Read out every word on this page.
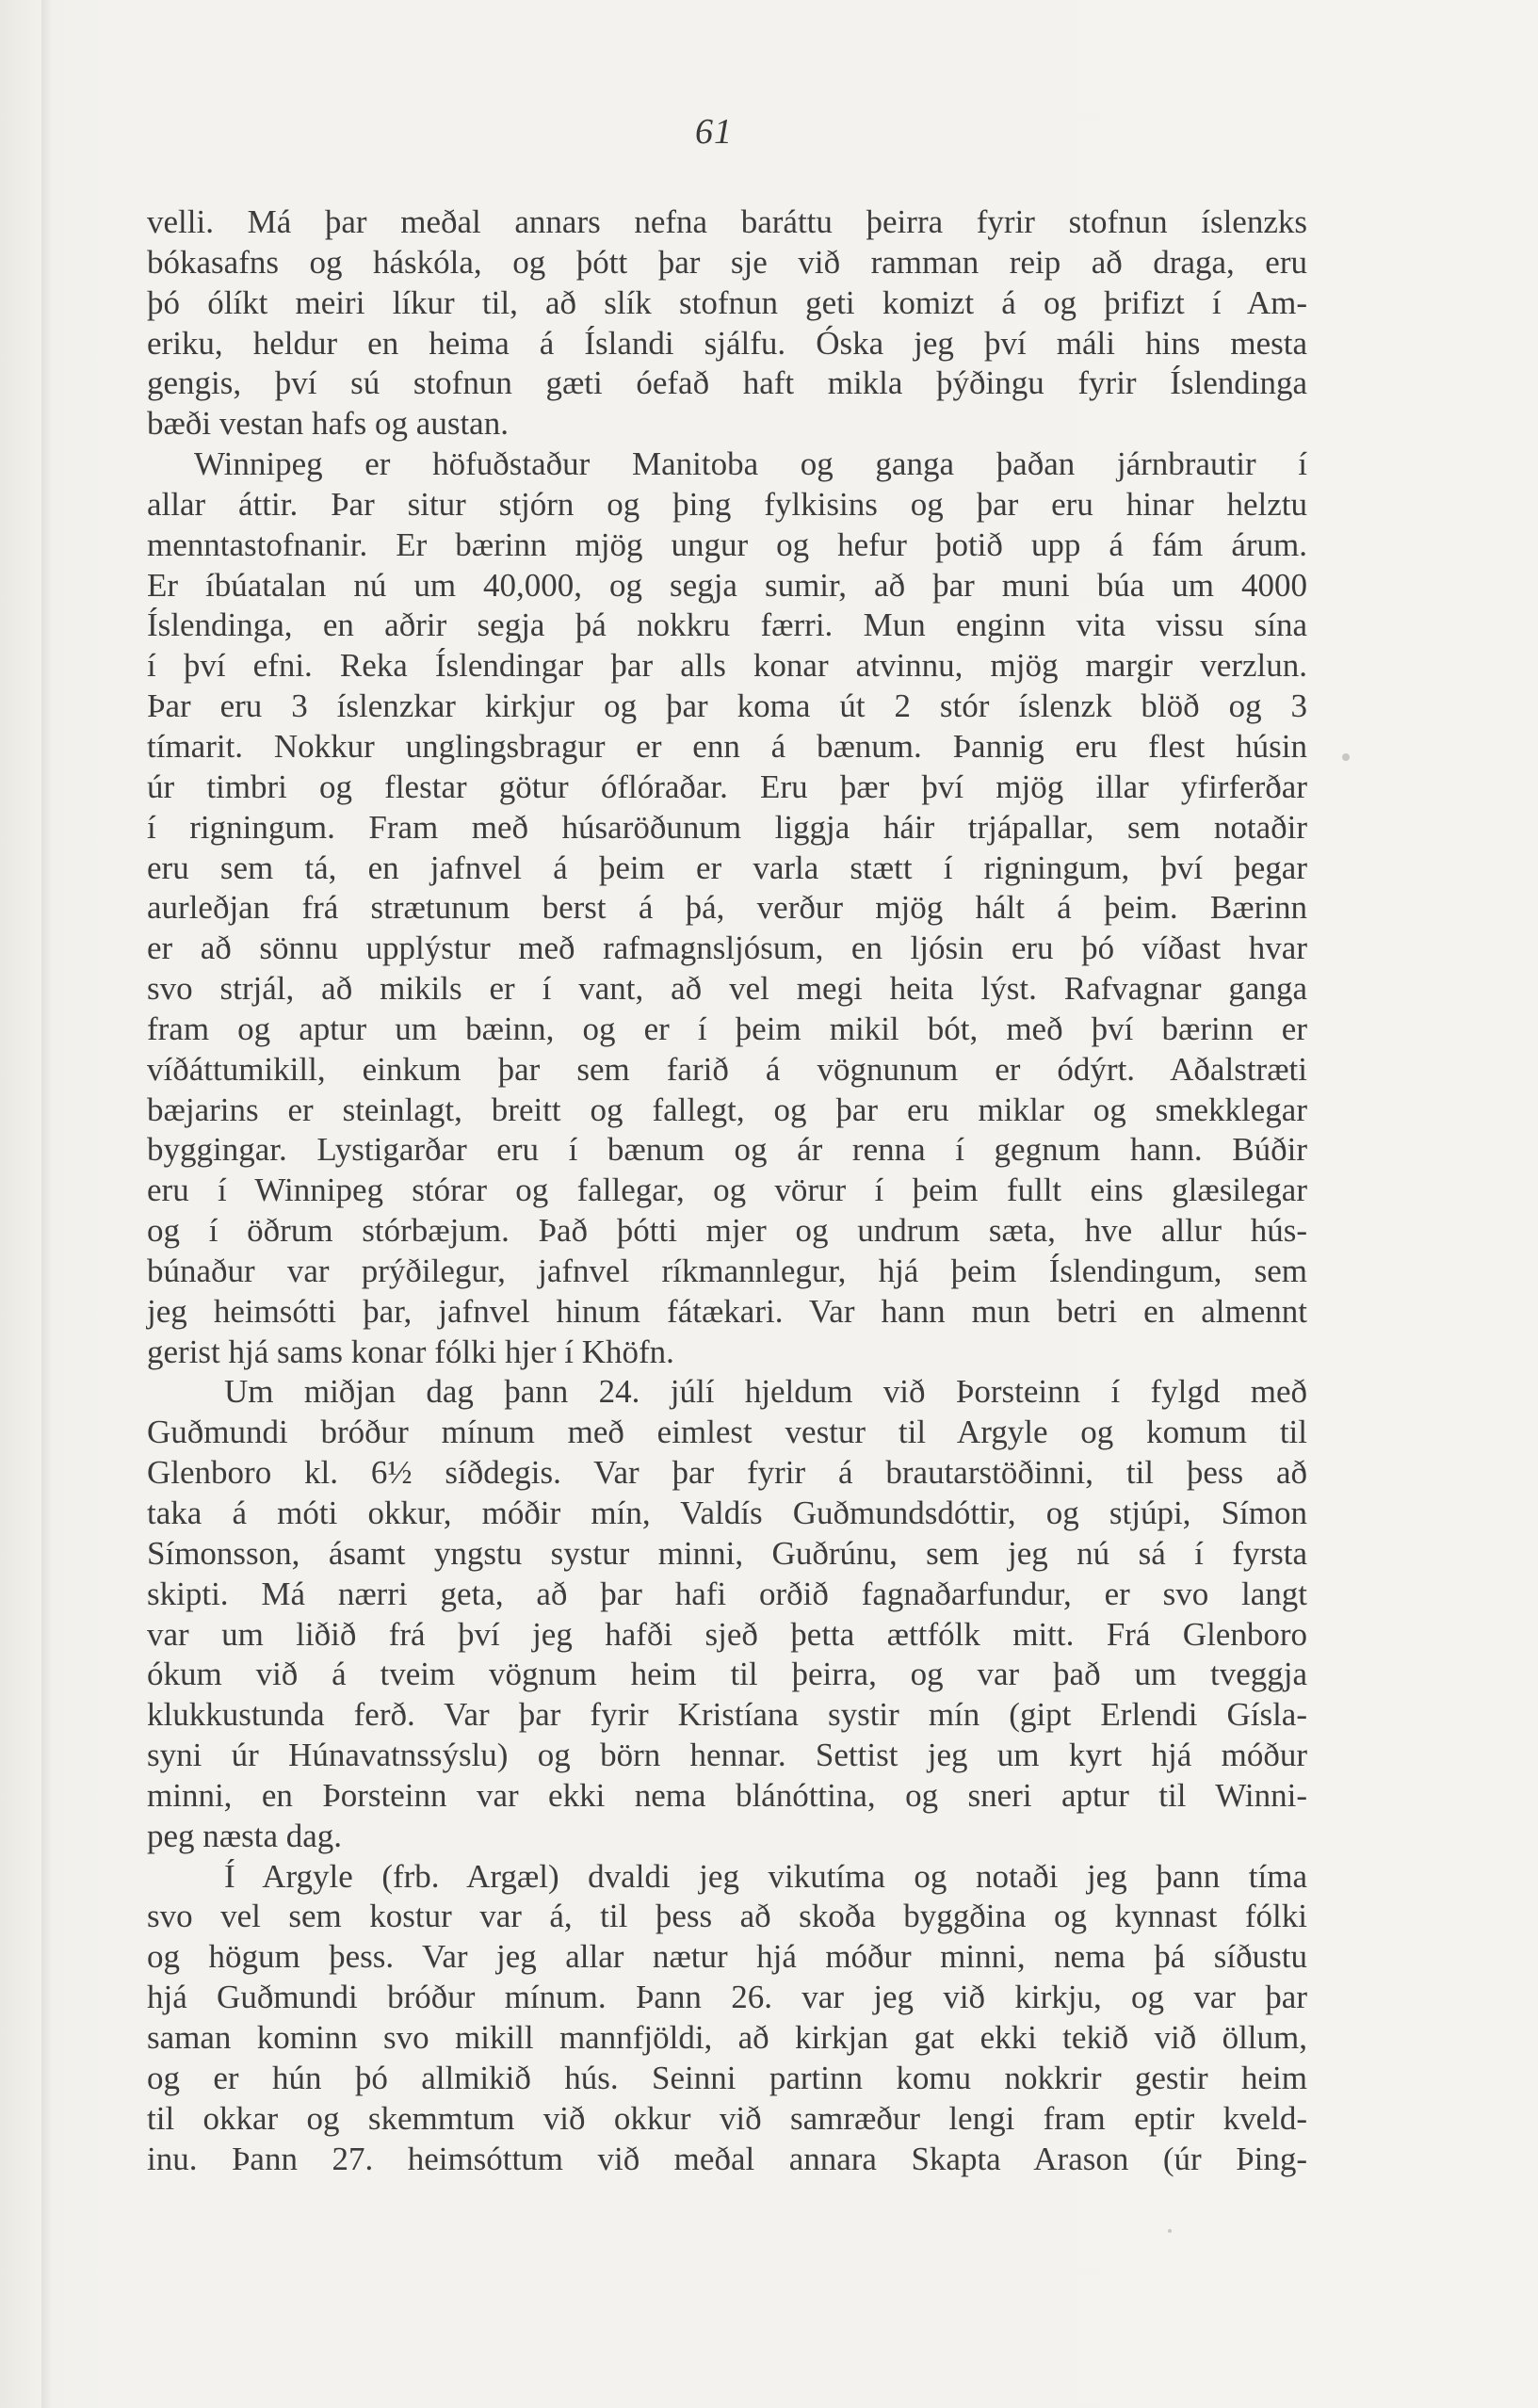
61
velli. Má þar meðal annars nefna baráttu þeirra fyrir stofnun íslenzks
bókasafns og háskóla, og þótt þar sje við ramman reip að draga, eru
þó ólíkt meiri líkur til, að slík stofnun geti komizt á og þrifizt í Am-
eriku, heldur en heima á Íslandi sjálfu. Óska jeg því máli hins mesta
gengis, því sú stofnun gæti óefað haft mikla þýðingu fyrir Íslendinga
bæði vestan hafs og austan.
Winnipeg er höfuðstaður Manitoba og ganga þaðan járnbrautir í
allar áttir. Þar situr stjórn og þing fylkisins og þar eru hinar helztu
menntastofnanir. Er bærinn mjög ungur og hefur þotið upp á fám árum.
Er íbúatalan nú um 40,000, og segja sumir, að þar muni búa um 4000
Íslendinga, en aðrir segja þá nokkru færri. Mun enginn vita vissu sína
í því efni. Reka Íslendingar þar alls konar atvinnu, mjög margir verzlun.
Þar eru 3 íslenzkar kirkjur og þar koma út 2 stór íslenzk blöð og 3
tímarit. Nokkur unglingsbragur er enn á bænum. Þannig eru flest húsin
úr timbri og flestar götur óflóraðar. Eru þær því mjög illar yfirferðar
í rigningum. Fram með húsaröðunum liggja háir trjápallar, sem notaðir
eru sem tá, en jafnvel á þeim er varla stætt í rigningum, því þegar
aurleðjan frá strætunum berst á þá, verður mjög hált á þeim. Bærinn
er að sönnu upplýstur með rafmagnsljósum, en ljósin eru þó víðast hvar
svo strjál, að mikils er í vant, að vel megi heita lýst. Rafvagnar ganga
fram og aptur um bæinn, og er í þeim mikil bót, með því bærinn er
víðáttumikill, einkum þar sem farið á vögnunum er ódýrt. Aðalstræti
bæjarins er steinlagt, breitt og fallegt, og þar eru miklar og smekklegar
byggingar. Lystigarðar eru í bænum og ár renna í gegnum hann. Búðir
eru í Winnipeg stórar og fallegar, og vörur í þeim fullt eins glæsilegar
og í öðrum stórbæjum. Það þótti mjer og undrum sæta, hve allur hús-
búnaður var prýðilegur, jafnvel ríkmannlegur, hjá þeim Íslendingum, sem
jeg heimsótti þar, jafnvel hinum fátækari. Var hann mun betri en almennt
gerist hjá sams konar fólki hjer í Khöfn.
Um miðjan dag þann 24. júlí hjeldum við Þorsteinn í fylgd með
Guðmundi bróður mínum með eimlest vestur til Argyle og komum til
Glenboro kl. 6½ síðdegis. Var þar fyrir á brautarstöðinni, til þess að
taka á móti okkur, móðir mín, Valdís Guðmundsdóttir, og stjúpi, Símon
Símonsson, ásamt yngstu systur minni, Guðrúnu, sem jeg nú sá í fyrsta
skipti. Má nærri geta, að þar hafi orðið fagnaðarfundur, er svo langt
var um liðið frá því jeg hafði sjeð þetta ættfólk mitt. Frá Glenboro
ókum við á tveim vögnum heim til þeirra, og var það um tveggja
klukkustunda ferð. Var þar fyrir Kristíana systir mín (gipt Erlendi Gísla-
syni úr Húnavatnssýslu) og börn hennar. Settist jeg um kyrt hjá móður
minni, en Þorsteinn var ekki nema blánóttina, og sneri aptur til Winni-
peg næsta dag.
Í Argyle (frb. Argæl) dvaldi jeg vikutíma og notaði jeg þann tíma
svo vel sem kostur var á, til þess að skoða byggðina og kynnast fólki
og högum þess. Var jeg allar nætur hjá móður minni, nema þá síðustu
hjá Guðmundi bróður mínum. Þann 26. var jeg við kirkju, og var þar
saman kominn svo mikill mannfjöldi, að kirkjan gat ekki tekið við öllum,
og er hún þó allmikið hús. Seinni partinn komu nokkrir gestir heim
til okkar og skemmtum við okkur við samræður lengi fram eptir kveld-
inu. Þann 27. heimsóttum við meðal annara Skapta Arason (úr Þing-
